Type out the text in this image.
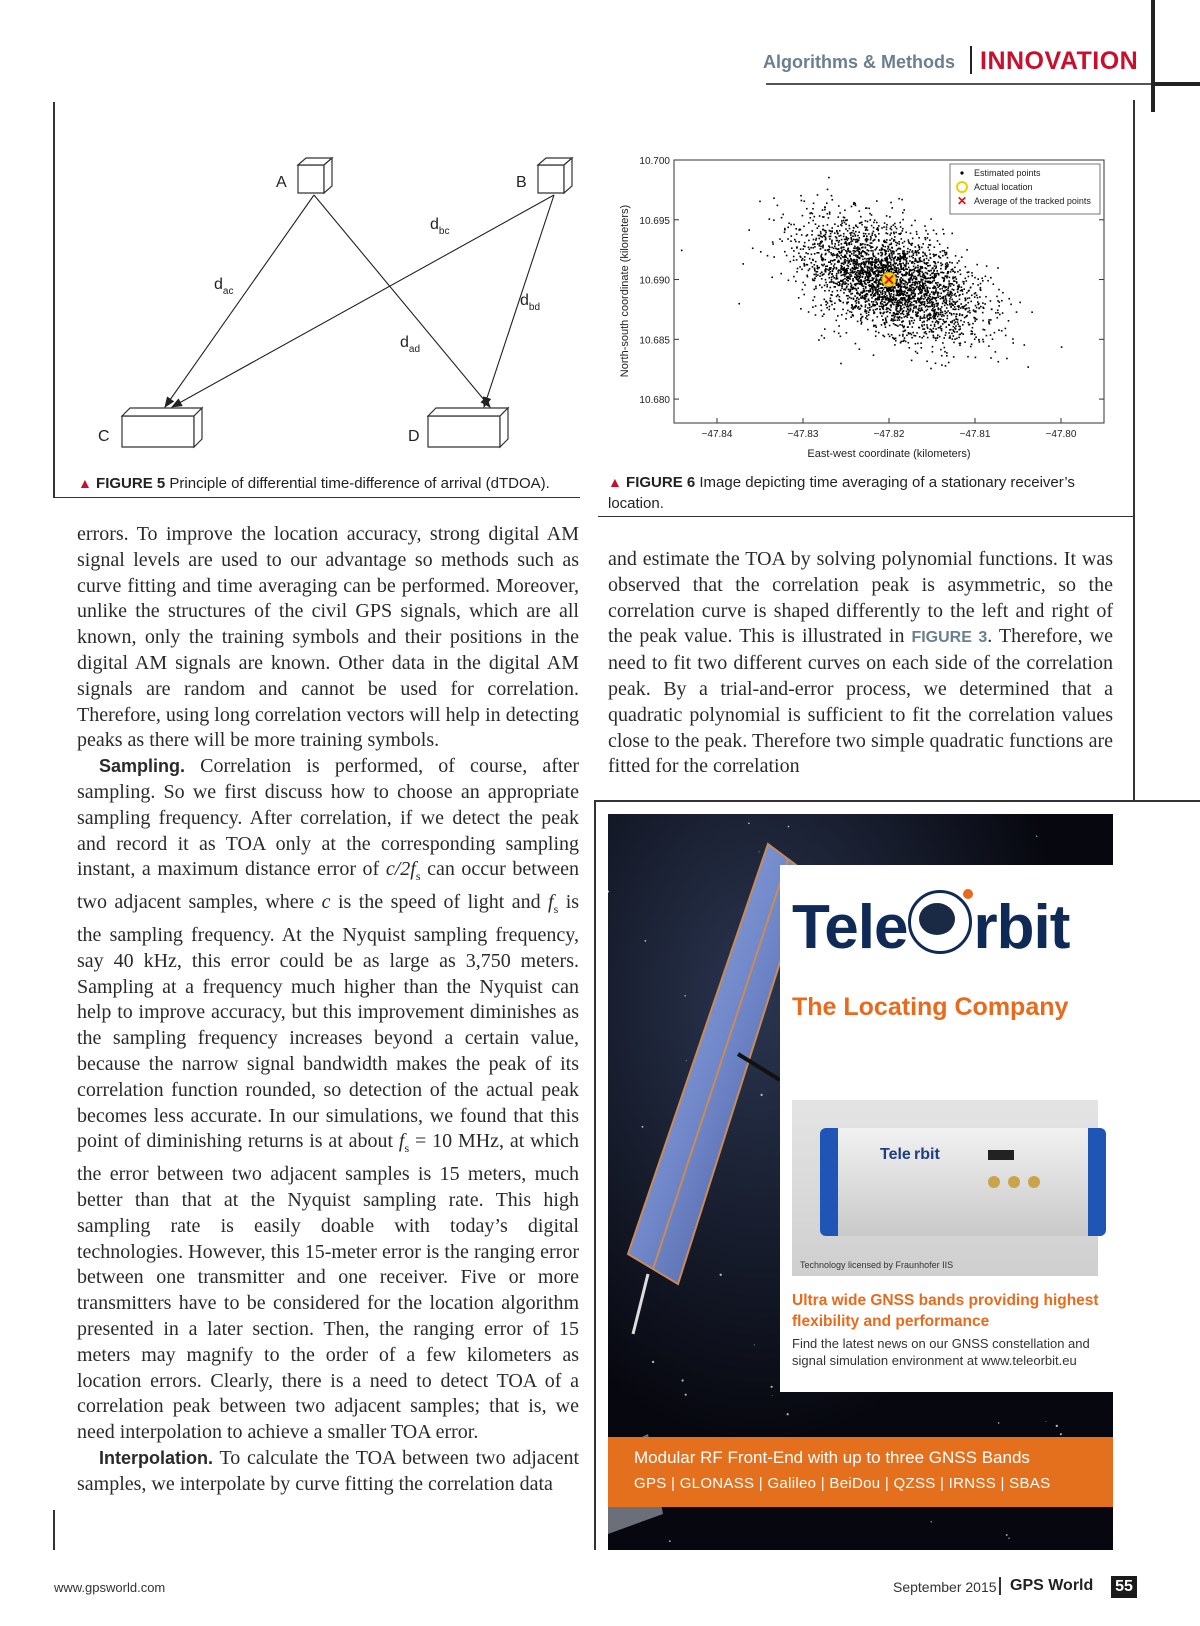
Algorithms & Methods INNOVATION
A	B
C	D
$d_{ac}$
$d_{bc}$
$d_{ad}$
$d_{bd}$
▲ FIGURE 5 Principle of differential time-difference of arrival (dTDOA).
−47.84	−47.83	−47.82	−47.81	−47.80
10.680
10.685
10.690
10.695
10.700
East-west coordinate (kilometers)
North-south coordinate (kilometers)
Estimated points
Actual location
✕ Average of the tracked points
▲ FIGURE 6 Image depicting time averaging of a stationary receiver’s location.

errors. To improve the location accuracy, strong digital AM signal levels are used to our advantage so methods such as curve fitting and time averaging can be performed. Moreover, unlike the structures of the civil GPS signals, which are all known, only the training symbols and their positions in the digital AM signals are known. Other data in the digital AM signals are random and cannot be used for correlation. Therefore, using long correlation vectors will help in detecting peaks as there will be more training symbols.

Sampling. Correlation is performed, of course, after sampling. So we first discuss how to choose an appropriate sampling frequency. After correlation, if we detect the peak and record it as TOA only at the corresponding sampling instant, a maximum distance error of $c/2f_s$ can occur between two adjacent samples, where c is the speed of light and $f_s$ is the sampling frequency. At the Nyquist sampling frequency, say 40 kHz, this error could be as large as 3,750 meters. Sampling at a frequency much higher than the Nyquist can help to improve accuracy, but this improvement diminishes as the sampling frequency increases beyond a certain value, because the narrow signal bandwidth makes the peak of its correlation function rounded, so detection of the actual peak becomes less accurate. In our simulations, we found that this point of diminishing returns is at about $f_s = 10$ MHz, at which the error between two adjacent samples is 15 meters, much better than that at the Nyquist sampling rate. This high sampling rate is easily doable with today’s digital technologies. However, this 15-meter error is the ranging error between one transmitter and one receiver. Five or more transmitters have to be considered for the location algorithm presented in a later section. Then, the ranging error of 15 meters may magnify to the order of a few kilometers as location errors. Clearly, there is a need to detect TOA of a correlation peak between two adjacent samples; that is, we need interpolation to achieve a smaller TOA error.

Interpolation. To calculate the TOA between two adjacent samples, we interpolate by curve fitting the correlation data

and estimate the TOA by solving polynomial functions. It was observed that the correlation peak is asymmetric, so the correlation curve is shaped differently to the left and right of the peak value. This is illustrated in FIGURE 3. Therefore, we need to fit two different curves on each side of the correlation peak. By a trial-and-error process, we determined that a quadratic polynomial is sufficient to fit the correlation values close to the peak. Therefore two simple quadratic functions are fitted for the correlation

Tele rbit
The Locating Company
Tele rbit
Technology licensed by Fraunhofer IIS
Ultra wide GNSS bands providing highest flexibility and performance
Find the latest news on our GNSS constellation and signal simulation environment at www.teleorbit.eu
Modular RF Front-End with up to three GNSS Bands
GPS | GLONASS | Galileo | BeiDou | QZSS | IRNSS | SBAS
www.gpsworld.com	September 2015 GPS World 55
